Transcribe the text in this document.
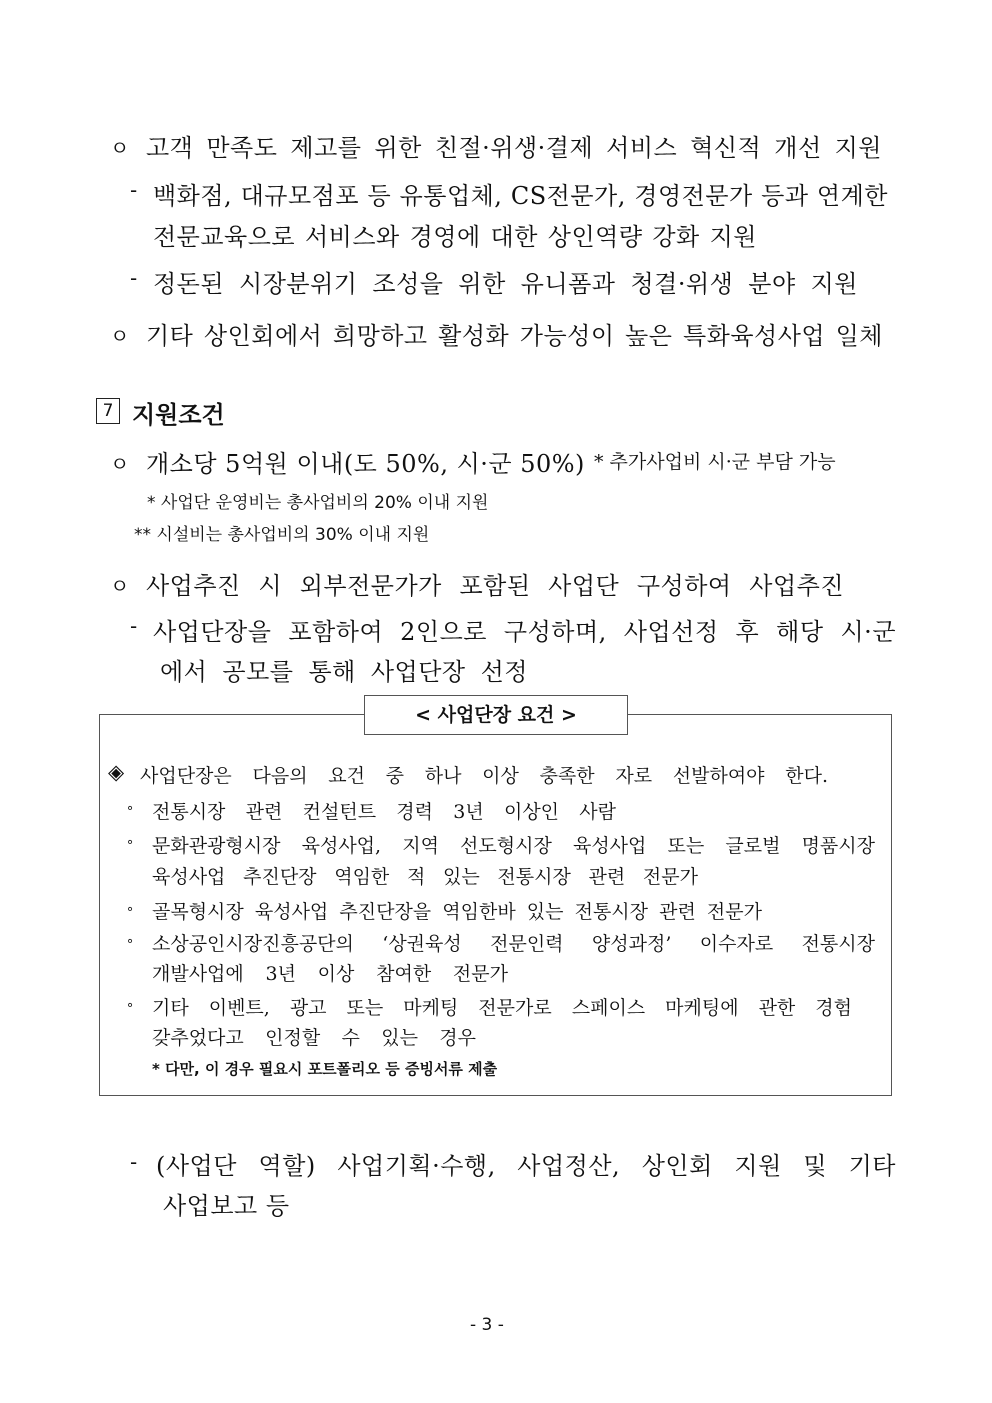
ㅇ 고객 만족도 제고를 위한 친절·위생·결제 서비스 혁신적 개선 지원
- 백화점, 대규모점포 등 유통업체, CS전문가, 경영전문가 등과 연계한
전문교육으로 서비스와 경영에 대한 상인역량 강화 지원
- 정돈된 시장분위기 조성을 위한 유니폼과 청결·위생 분야 지원
ㅇ 기타 상인회에서 희망하고 활성화 가능성이 높은 특화육성사업 일체
7 지원조건
ㅇ 개소당 5억원 이내(도 50%, 시·군 50%) * 추가사업비 시·군 부담 가능
* 사업단 운영비는 총사업비의 20% 이내 지원
** 시설비는 총사업비의 30% 이내 지원
ㅇ 사업추진 시 외부전문가가 포함된 사업단 구성하여 사업추진
- 사업단장을 포함하여 2인으로 구성하며, 사업선정 후 해당 시·군
에서 공모를 통해 사업단장 선정
< 사업단장 요건 >
◈ 사업단장은 다음의 요건 중 하나 이상 충족한 자로 선발하여야 한다.
∘ 전통시장 관련 컨설턴트 경력 3년 이상인 사람
∘ 문화관광형시장 육성사업, 지역 선도형시장 육성사업 또는 글로벌 명품시장
육성사업 추진단장 역임한 적 있는 전통시장 관련 전문가
∘ 골목형시장 육성사업 추진단장을 역임한바 있는 전통시장 관련 전문가
∘ 소상공인시장진흥공단의 ‘상권육성 전문인력 양성과정’ 이수자로 전통시장
개발사업에 3년 이상 참여한 전문가
∘ 기타 이벤트, 광고 또는 마케팅 전문가로 스페이스 마케팅에 관한 경험
갖추었다고 인정할 수 있는 경우
* 다만, 이 경우 필요시 포트폴리오 등 증빙서류 제출
- (사업단 역할) 사업기획·수행, 사업정산, 상인회 지원 및 기타
사업보고 등
- 3 -
